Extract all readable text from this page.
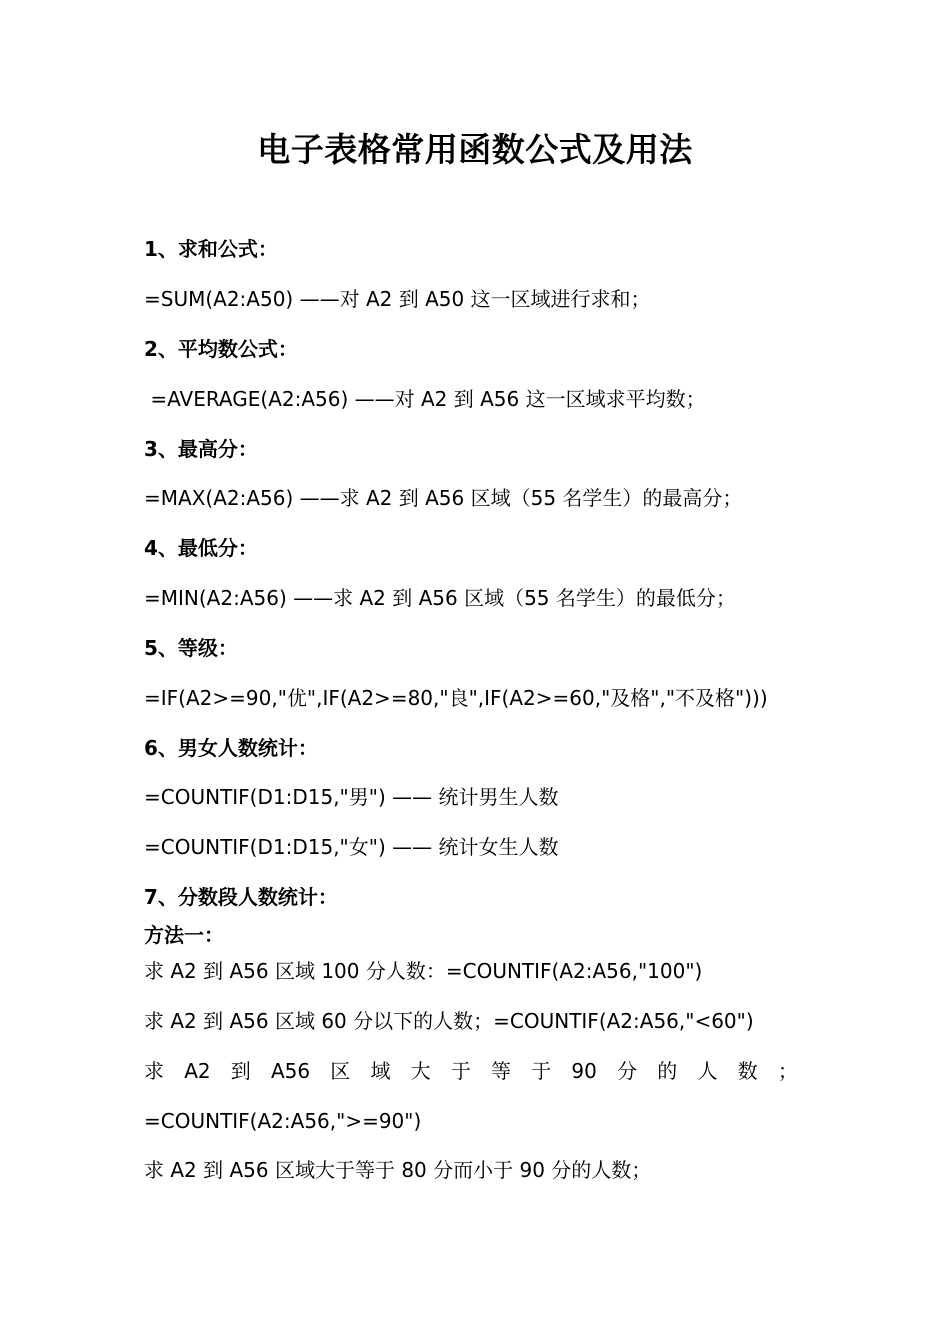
电子表格常用函数公式及用法
1、求和公式：
=SUM(A2:A50) ——对 A2 到 A50 这一区域进行求和；
2、平均数公式：
=AVERAGE(A2:A56) ——对 A2 到 A56 这一区域求平均数；
3、最高分：
=MAX(A2:A56) ——求 A2 到 A56 区域（55 名学生）的最高分；
4、最低分：
=MIN(A2:A56) ——求 A2 到 A56 区域（55 名学生）的最低分；
5、等级：
=IF(A2>=90,"优",IF(A2>=80,"良",IF(A2>=60,"及格","不及格")))
6、男女人数统计：
=COUNTIF(D1:D15,"男") —— 统计男生人数
=COUNTIF(D1:D15,"女") —— 统计女生人数
7、分数段人数统计：
方法一：
求 A2 到 A56 区域 100 分人数：=COUNTIF(A2:A56,"100")
求 A2 到 A56 区域 60 分以下的人数；=COUNTIF(A2:A56,"<60")
求 A2 到 A56 区 域 大 于 等 于 90 分 的 人 数 ；
=COUNTIF(A2:A56,">=90")
求 A2 到 A56 区域大于等于 80 分而小于 90 分的人数；
